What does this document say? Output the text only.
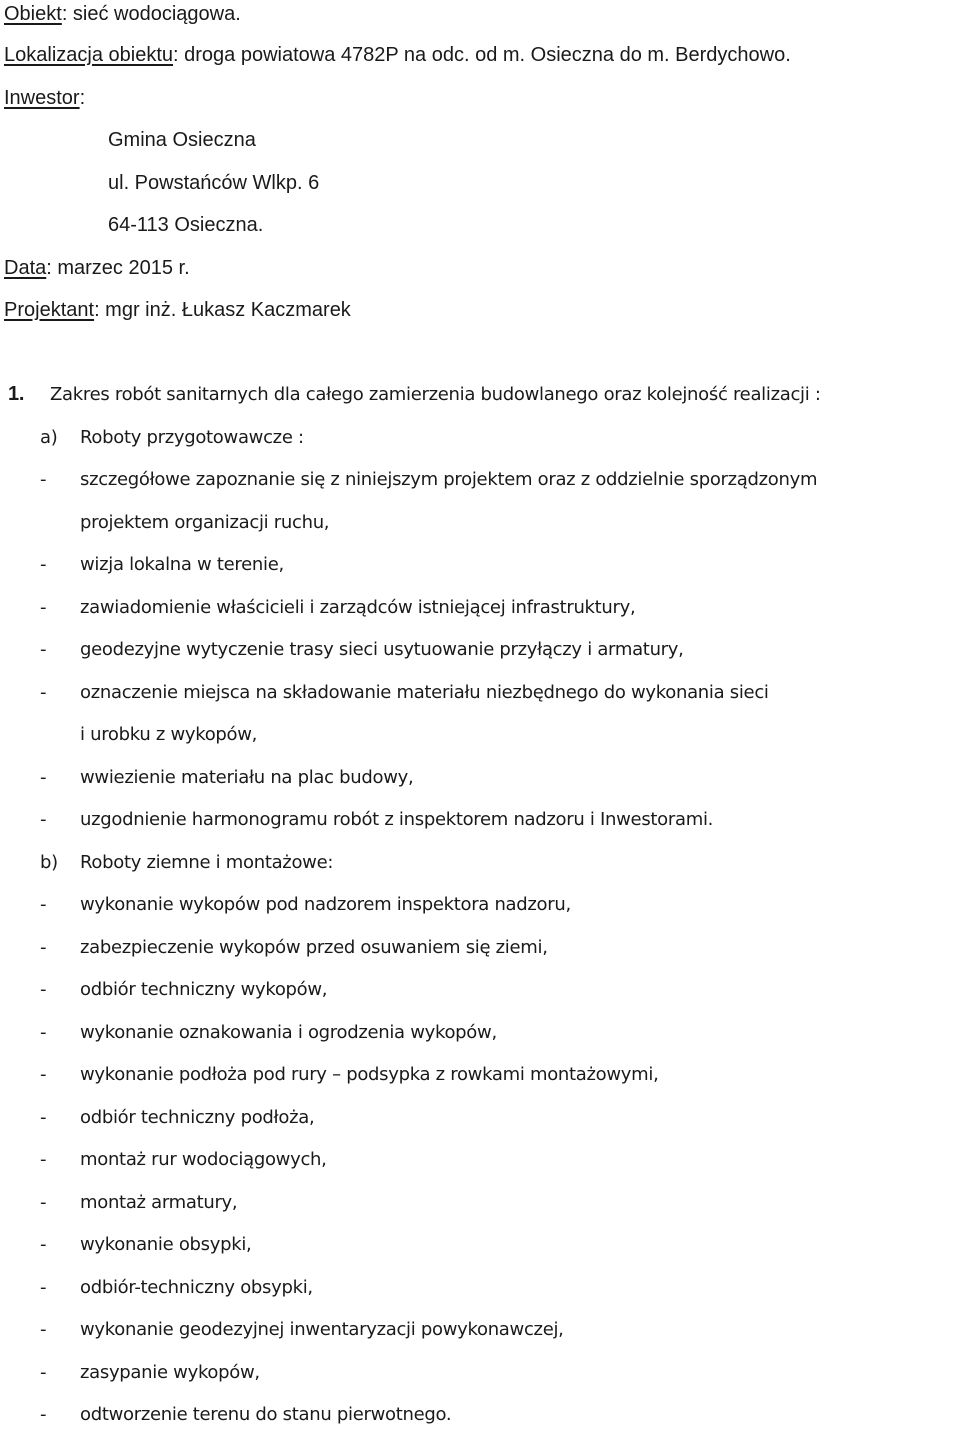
Obiekt: sieć wodociągowa.
Lokalizacja obiektu: droga powiatowa 4782P na odc. od m. Osieczna do m. Berdychowo.
Inwestor:
Gmina Osieczna
ul. Powstańców Wlkp. 6
64-113 Osieczna.
Data: marzec 2015 r.
Projektant: mgr inż. Łukasz Kaczmarek
1. Zakres robót sanitarnych dla całego zamierzenia budowlanego oraz kolejność realizacji :
a) Roboty przygotowawcze :
- szczegółowe zapoznanie się z niniejszym projektem oraz z oddzielnie sporządzonym
projektem organizacji ruchu,
- wizja lokalna w terenie,
- zawiadomienie właścicieli i zarządców istniejącej infrastruktury,
- geodezyjne wytyczenie trasy sieci usytuowanie przyłączy i armatury,
- oznaczenie miejsca na składowanie materiału niezbędnego do wykonania sieci
i urobku z wykopów,
- wwiezienie materiału na plac budowy,
- uzgodnienie harmonogramu robót z inspektorem nadzoru i Inwestorami.
b) Roboty ziemne i montażowe:
- wykonanie wykopów pod nadzorem inspektora nadzoru,
- zabezpieczenie wykopów przed osuwaniem się ziemi,
- odbiór techniczny wykopów,
- wykonanie oznakowania i ogrodzenia wykopów,
- wykonanie podłoża pod rury – podsypka z rowkami montażowymi,
- odbiór techniczny podłoża,
- montaż rur wodociągowych,
- montaż armatury,
- wykonanie obsypki,
- odbiór-techniczny obsypki,
- wykonanie geodezyjnej inwentaryzacji powykonawczej,
- zasypanie wykopów,
- odtworzenie terenu do stanu pierwotnego.
